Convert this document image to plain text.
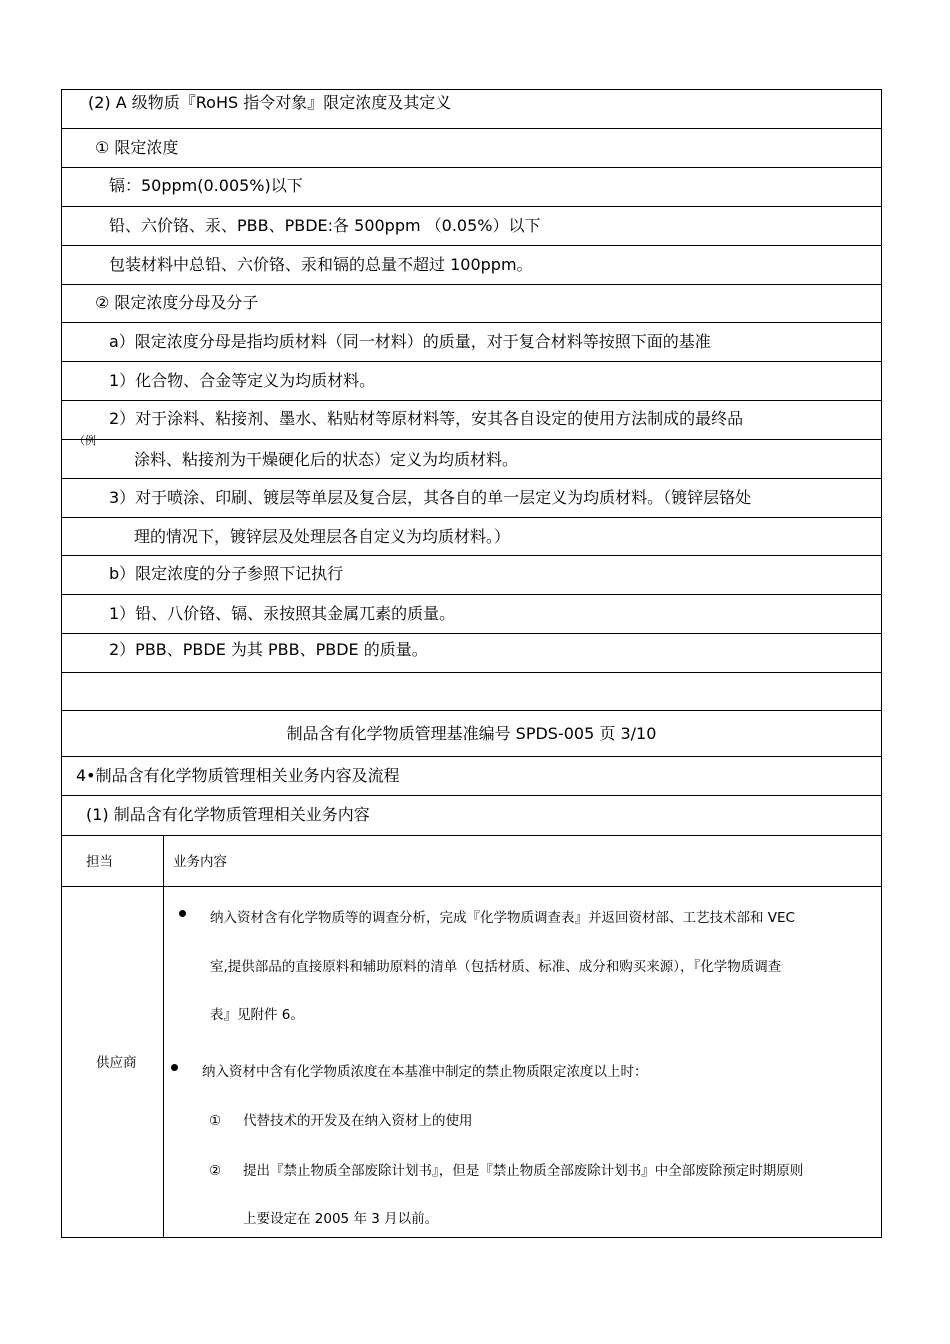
(2) A 级物质『RoHS 指令对象』限定浓度及其定义
① 限定浓度
镉：50ppm(0.005%)以下
铅、六价铬、汞、PBB、PBDE:各 500ppm （0.05%）以下
包装材料中总铅、六价铬、汞和镉的总量不超过 100ppm。
② 限定浓度分母及分子
a）限定浓度分母是指均质材料（同一材料）的质量，对于复合材料等按照下面的基准
1）化合物、合金等定义为均质材料。
2）对于涂料、粘接剂、墨水、粘贴材等原材料等，安其各自设定的使用方法制成的最终品
（例
涂料、粘接剂为干燥硬化后的状态）定义为均质材料。
3）对于喷涂、印刷、镀层等单层及复合层，其各自的单一层定义为均质材料。（镀锌层铬处
理的情况下，镀锌层及处理层各自定义为均质材料。）
b）限定浓度的分子参照下记执行
1）铅、八价铬、镉、汞按照其金属兀素的质量。
2）PBB、PBDE 为其 PBB、PBDE 的质量。
制品含有化学物质管理基准编号 SPDS-005 页 3/10
4•制品含有化学物质管理相关业务内容及流程
(1) 制品含有化学物质管理相关业务内容
担当	业务内容
供应商
纳入资材含有化学物质等的调查分析，完成『化学物质调查表』并返回资材部、工艺技术部和 VEC
室,提供部品的直接原料和辅助原料的清单（包括材质、标准、成分和购买来源），『化学物质调查
表』见附件 6。
纳入资材中含有化学物质浓度在本基准中制定的禁止物质限定浓度以上时：
① 代替技术的开发及在纳入资材上的使用
② 提出『禁止物质全部废除计划书』，但是『禁止物质全部废除计划书』中全部废除预定时期原则
上要设定在 2005 年 3 月以前。
